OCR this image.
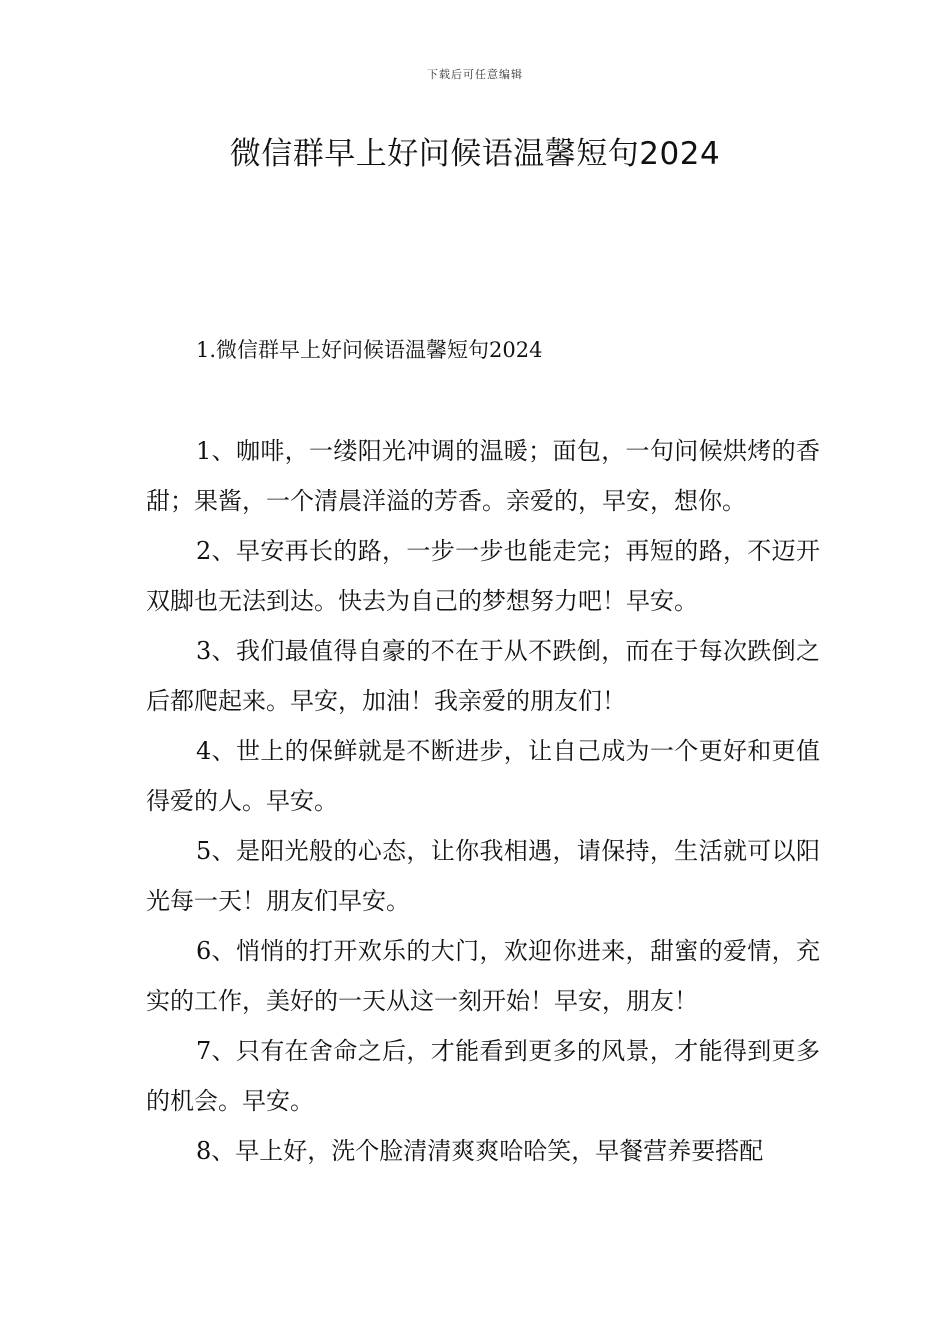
下载后可任意编辑
微信群早上好问候语温馨短句2024
1.微信群早上好问候语温馨短句2024

1、咖啡，一缕阳光冲调的温暖；面包，一句问候烘烤的香甜；果酱，一个清晨洋溢的芳香。亲爱的，早安，想你。

2、早安再长的路，一步一步也能走完；再短的路，不迈开双脚也无法到达。快去为自己的梦想努力吧！早安。

3、我们最值得自豪的不在于从不跌倒，而在于每次跌倒之后都爬起来。早安，加油！我亲爱的朋友们！

4、世上的保鲜就是不断进步，让自己成为一个更好和更值得爱的人。早安。

5、是阳光般的心态，让你我相遇，请保持，生活就可以阳光每一天！朋友们早安。

6、悄悄的打开欢乐的大门，欢迎你进来，甜蜜的爱情，充实的工作，美好的一天从这一刻开始！早安，朋友！

7、只有在舍命之后，才能看到更多的风景，才能得到更多的机会。早安。

8、早上好，洗个脸清清爽爽哈哈笑，早餐营养要搭配
